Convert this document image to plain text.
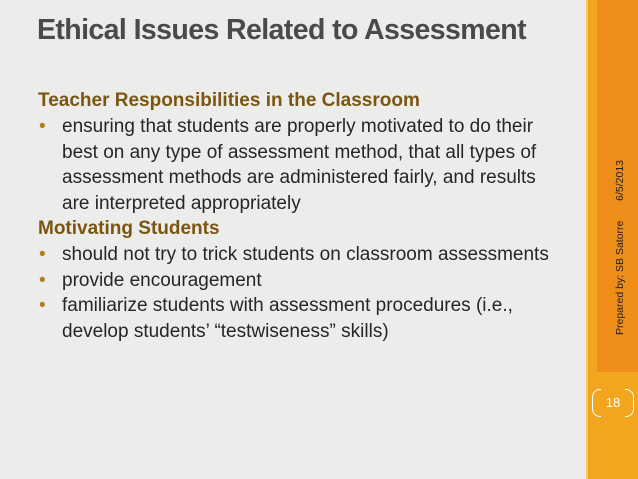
Ethical Issues Related to Assessment
Teacher Responsibilities in the Classroom
• ensuring that students are properly motivated to do their best on any type of assessment method, that all types of assessment methods are administered fairly, and results are interpreted appropriately
Motivating Students
• should not try to trick students on classroom assessments
• provide encouragement
• familiarize students with assessment procedures (i.e., develop students’ “testwiseness” skills)	Prepared by: SB Satorre
6/5/2013
18
